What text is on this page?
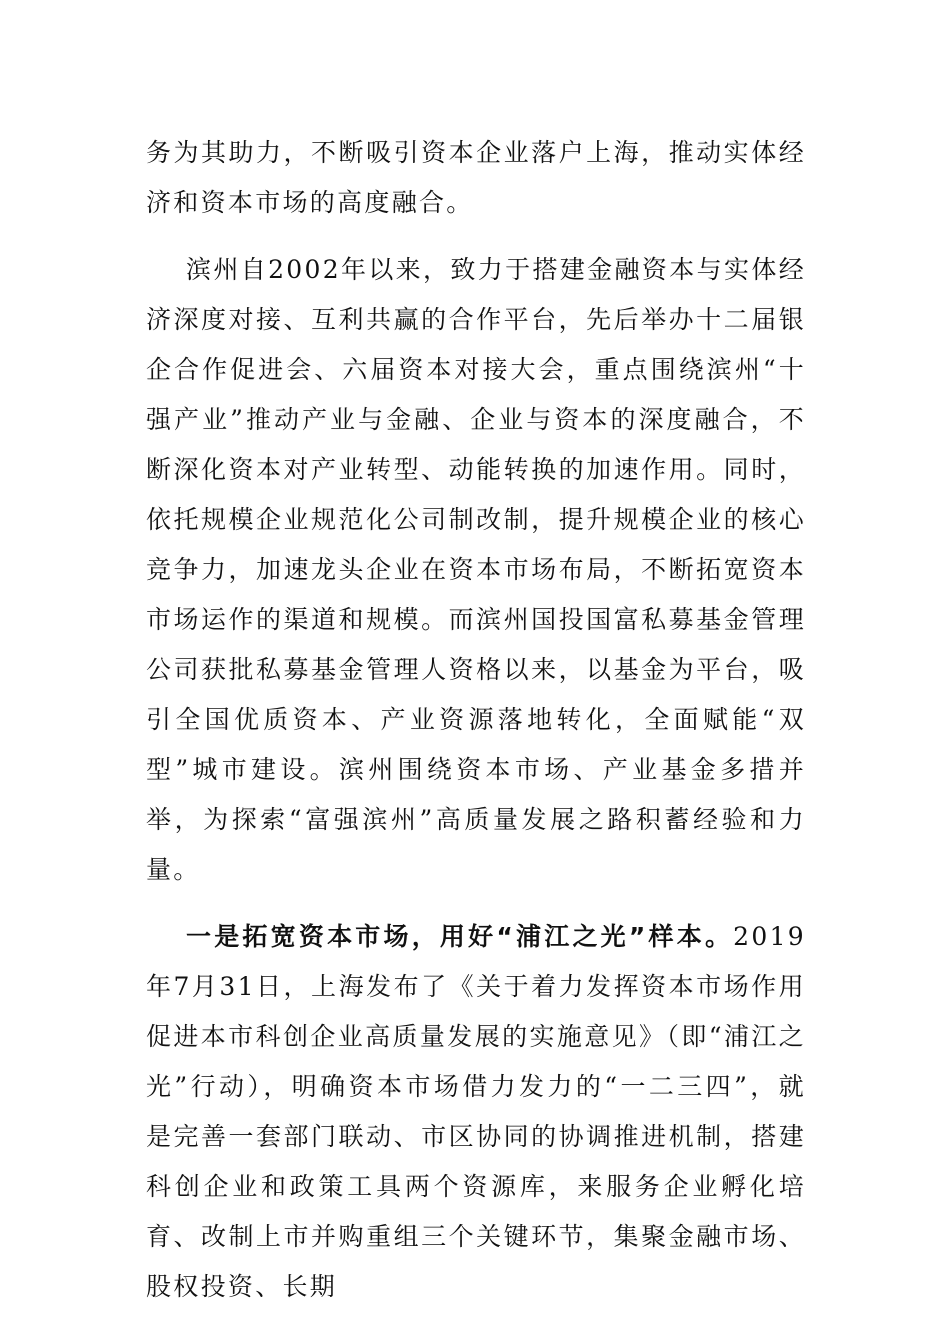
务为其助力，不断吸引资本企业落户上海，推动实体经济和资本市场的高度融合。

滨州自2002年以来，致力于搭建金融资本与实体经济深度对接、互利共赢的合作平台，先后举办十二届银企合作促进会、六届资本对接大会，重点围绕滨州“十强产业”推动产业与金融、企业与资本的深度融合，不断深化资本对产业转型、动能转换的加速作用。同时，依托规模企业规范化公司制改制，提升规模企业的核心竞争力，加速龙头企业在资本市场布局，不断拓宽资本市场运作的渠道和规模。而滨州国投国富私募基金管理公司获批私募基金管理人资格以来，以基金为平台，吸引全国优质资本、产业资源落地转化，全面赋能“双型”城市建设。滨州围绕资本市场、产业基金多措并举，为探索“富强滨州”高质量发展之路积蓄经验和力量。

一是拓宽资本市场，用好“浦江之光”样本。2019年7月31日，上海发布了《关于着力发挥资本市场作用促进本市科创企业高质量发展的实施意见》（即“浦江之光”行动），明确资本市场借力发力的“一二三四”，就是完善一套部门联动、市区协同的协调推进机制，搭建科创企业和政策工具两个资源库，来服务企业孵化培育、改制上市并购重组三个关键环节，集聚金融市场、股权投资、长期
